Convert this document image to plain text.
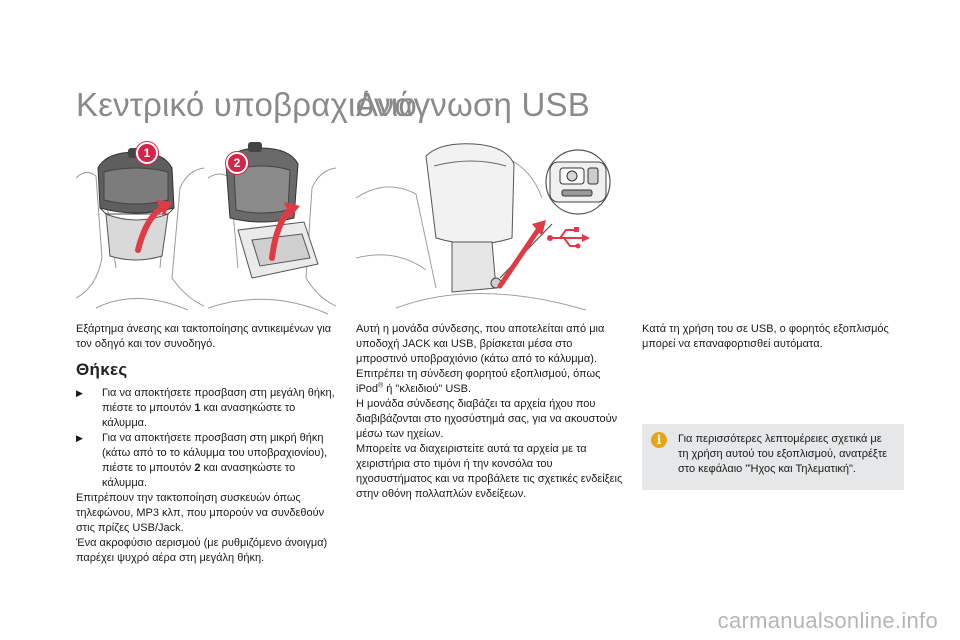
Κεντρικό υποβραχιόνιο
Ανάγνωση USB
1
2

Εξάρτημα άνεσης και τακτοποίησης αντικειμένων για τον οδηγό και τον συνοδηγό.

Θήκες
▶ Για να αποκτήσετε προσβαση στη μεγάλη θήκη, πιέστε το μπουτόν 1 και ανασηκώστε το κάλυμμα.
▶ Για να αποκτήσετε προσβαση στη μικρή θήκη (κάτω από το το κάλυμμα του υποβραχιονίου), πιέστε το μπουτόν 2 και ανασηκώστε το κάλυμμα.

Επιτρέπουν την τακτοποίηση συσκευών όπως τηλεφώνου, MP3 κλπ, που μπορούν να συνδεθούν στις πρίζες USB/Jack.

Ένα ακροφύσιο αερισμού (με ρυθμιζόμενο άνοιγμα) παρέχει ψυχρό αέρα στη μεγάλη θήκη.

Αυτή η μονάδα σύνδεσης, που αποτελείται από μια υποδοχή JACK και USB, βρίσκεται μέσα στο μπροστινό υποβραχιόνιο (κάτω από το κάλυμμα).

Επιτρέπει τη σύνδεση φορητού εξοπλισμού, όπως iPod® ή "κλειδιού" USB.

Η μονάδα σύνδεσης διαβάζει τα αρχεία ήχου που διαβιβάζονται στο ηχοσύστημά σας, για να ακουστούν μέσω των ηχείων.

Μπορείτε να διαχειριστείτε αυτά τα αρχεία με τα χειριστήρια στο τιμόνι ή την κονσόλα του ηχοσυστήματος και να προβάλετε τις σχετικές ενδείξεις στην οθόνη πολλαπλών ενδείξεων.

Κατά τη χρήση του σε USB, ο φορητός εξοπλισμός μπορεί να επαναφορτισθεί αυτόματα.

i	Για περισσότερες λεπτομέρειες σχετικά με τη χρήση αυτού του εξοπλισμού, ανατρέξτε στο κεφάλαιο "Ήχος και Τηλεματική".
carmanualsonline.info
